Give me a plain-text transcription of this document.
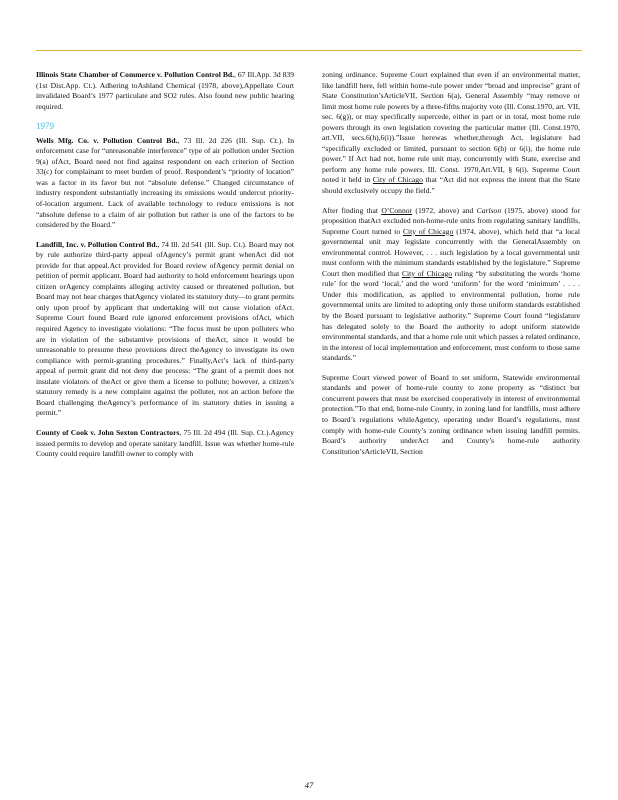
Illinois State Chamber of Commerce v. Pollution Control Bd., 67 Ill.App. 3d 839 (1st Dist.App. Ct.). Adhering toAshland Chemical (1978, above),Appellate Court invalidated Board’s 1977 particulate and SO2 rules. Also found new public hearing required.

1979

Wells Mfg. Co. v. Pollution Control Bd., 73 Ill. 2d 226 (Ill. Sup. Ct.). In enforcement case for “unreasonable interference” type of air pollution under Section 9(a) ofAct, Board need not find against respondent on each criterion of Section 33(c) for complainant to meet burden of proof. Respondent’s “priority of location” was a factor in its favor but not “absolute defense.” Changed circumstance of industry respondent substantially increasing its emissions would undercut priority-of-location argument. Lack of available technology to reduce emissions is not “absolute defense to a claim of air pollution but rather is one of the factors to be considered by the Board.”

Landfill, Inc. v. Pollution Control Bd., 74 Ill. 2d 541 (Ill. Sup. Ct.). Board may not by rule authorize third-party appeal ofAgency’s permit grant whenAct did not provide for that appeal.Act provided for Board review ofAgency permit denial on petition of permit applicant. Board had authority to hold enforcement hearings upon citizen orAgency complaints alleging activity caused or threatened pollution, but Board may not hear charges thatAgency violated its statutory duty—to grant permits only upon proof by applicant that undertaking will not cause violation ofAct. Supreme Court found Board rule ignored enforcement provisions ofAct, which required Agency to investigate violations: “The focus must be upon polluters who are in violation of the substantive provisions of theAct, since it would be unreasonable to presume these provisions direct theAgency to investigate its own compliance with permit-granting procedures.” Finally,Act’s lack of third-party appeal of permit grant did not deny due process: “The grant of a permit does not insulate violators of theAct or give them a license to pollute; however, a citizen’s statutory remedy is a new complaint against the polluter, not an action before the Board challenging theAgency’s performance of its statutory duties in issuing a permit.”

County of Cook v. John Sexton Contractors, 75 Ill. 2d 494 (Ill. Sup. Ct.).Agency issued permits to develop and operate sanitary landfill. Issue was whether home-rule County could require landfill owner to comply with

zoning ordinance. Supreme Court explained that even if an environmental matter, like landfill here, fell within home-rule power under “broad and imprecise” grant of State Constitution’sArticleVII, Section 6(a), General Assembly “may remove or limit most home rule powers by a three-fifths majority vote (Ill. Const.1970, art. VII, sec. 6(g)), or may specifically supercede, either in part or in total, most home rule powers through its own legislation covering the particular matter (Ill. Const.1970, art.VII, secs.6(h),6(i)).”Issue herewas whether,through Act, legislature had “specifically excluded or limited, pursuant to section 6(h) or 6(i), the home rule power.” If Act had not, home rule unit may, concurrently with State, exercise and perform any home rule powers. Ill. Const. 1970,Art.VII, § 6(i). Supreme Court noted it held in City of Chicago that “Act did not express the intent that the State should exclusively occupy the field.”

After finding that O’Connor (1972, above) and Carlson (1975, above) stood for proposition thatAct excluded non-home-rule units from regulating sanitary landfills, Supreme Court turned to City of Chicago (1974, above), which held that “a local governmental unit may legislate concurrently with the GeneralAssembly on environmental control. However, . . . such legislation by a local governmental unit must conform with the minimum standards established by the legislature.” Supreme Court then modified that City of Chicago ruling “by substituting the words ‘home rule’ for the word ‘local,’ and the word ‘uniform’ for the word ‘minimum’ . . . . Under this modification, as applied to environmental pollution, home rule governmental units are limited to adopting only those uniform standards established by the Board pursuant to legislative authority.” Supreme Court found “legislature has delegated solely to the Board the authority to adopt uniform statewide environmental standards, and that a home rule unit which passes a related ordinance, in the interest of local implementation and enforcement, must conform to those same standards.”

Supreme Court viewed power of Board to set uniform, Statewide environmental standards and power of home-rule county to zone property as “distinct but concurrent powers that must be exercised cooperatively in interest of environmental protection.”To that end, home-rule County, in zoning land for landfills, must adhere to Board’s regulations whileAgency, operating under Board’s regulations, must comply with home-rule County’s zoning ordinance when issuing landfill permits. Board’s authority underAct and County’s home-rule authority Constitution’sArticleVII, Section

47
